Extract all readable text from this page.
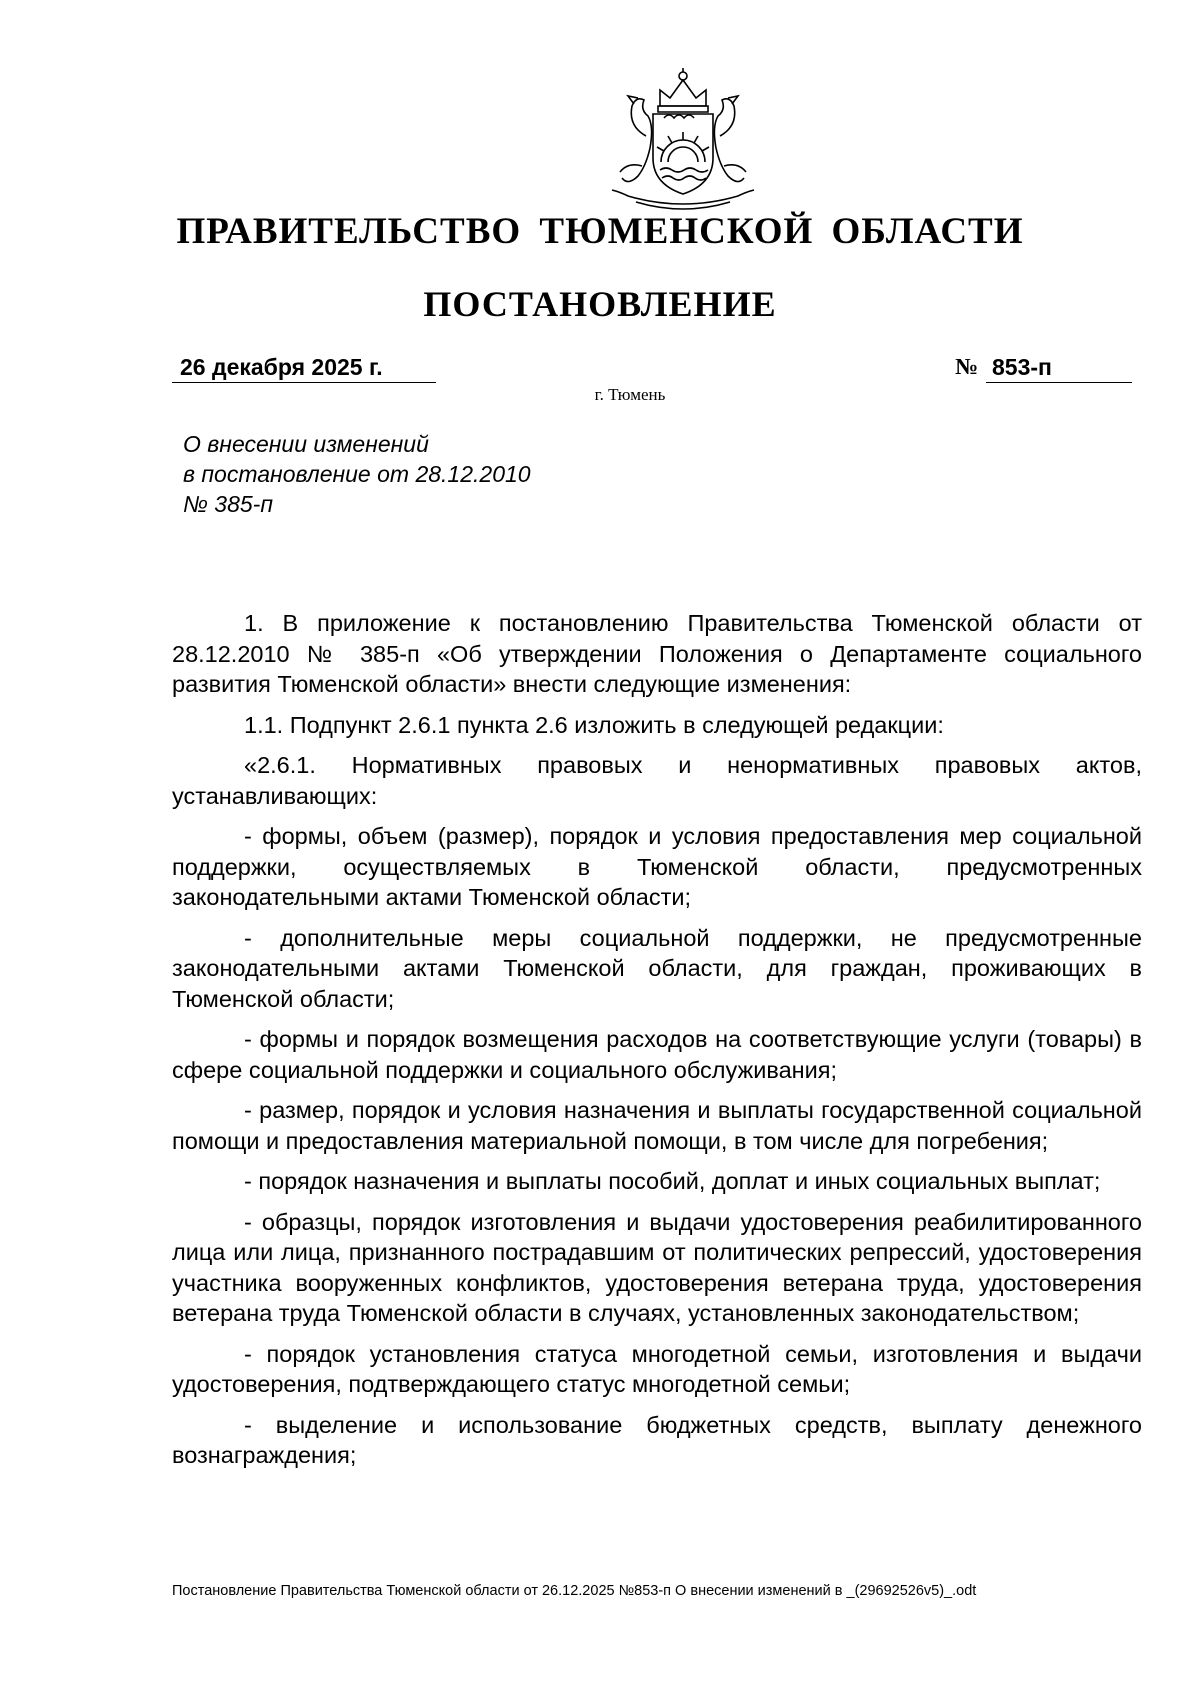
ПРАВИТЕЛЬСТВО ТЮМЕНСКОЙ ОБЛАСТИ
ПОСТАНОВЛЕНИЕ
26 декабря 2025 г.	№ 853-п
г. Тюмень
О внесении изменений
в постановление от 28.12.2010
№ 385-п

1. В приложение к постановлению Правительства Тюменской области от 28.12.2010 № 385-п «Об утверждении Положения о Департаменте социального развития Тюменской области» внести следующие изменения:

1.1. Подпункт 2.6.1 пункта 2.6 изложить в следующей редакции:

«2.6.1. Нормативных правовых и ненормативных правовых актов, устанавливающих:

- формы, объем (размер), порядок и условия предоставления мер социальной поддержки, осуществляемых в Тюменской области, предусмотренных законодательными актами Тюменской области;

- дополнительные меры социальной поддержки, не предусмотренные законодательными актами Тюменской области, для граждан, проживающих в Тюменской области;

- формы и порядок возмещения расходов на соответствующие услуги (товары) в сфере социальной поддержки и социального обслуживания;

- размер, порядок и условия назначения и выплаты государственной социальной помощи и предоставления материальной помощи, в том числе для погребения;

- порядок назначения и выплаты пособий, доплат и иных социальных выплат;

- образцы, порядок изготовления и выдачи удостоверения реабилитированного лица или лица, признанного пострадавшим от политических репрессий, удостоверения участника вооруженных конфликтов, удостоверения ветерана труда, удостоверения ветерана труда Тюменской области в случаях, установленных законодательством;

- порядок установления статуса многодетной семьи, изготовления и выдачи удостоверения, подтверждающего статус многодетной семьи;

- выделение и использование бюджетных средств, выплату денежного вознаграждения;

Постановление Правительства Тюменской области от 26.12.2025 №853-п О внесении изменений в _(29692526v5)_.odt
